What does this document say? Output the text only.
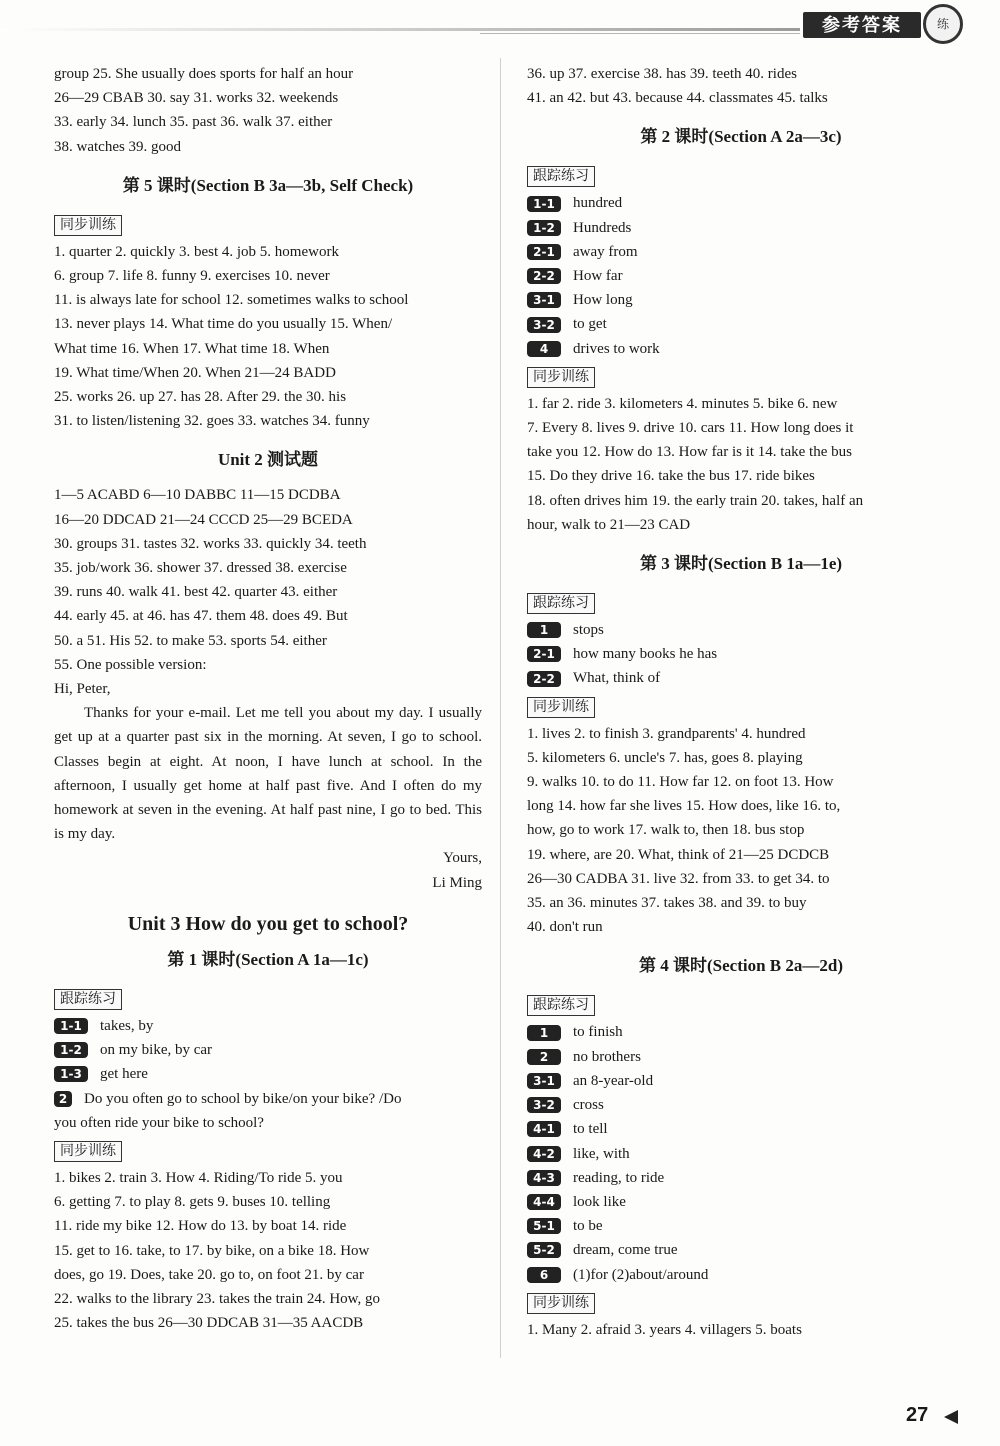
参考答案	练
group 25. She usually does sports for half an hour
26—29 CBAB 30. say 31. works 32. weekends
33. early 34. lunch 35. past 36. walk 37. either
38. watches 39. good
第 5 课时(Section B 3a—3b, Self Check)
同步训练
1. quarter 2. quickly 3. best 4. job 5. homework
6. group 7. life 8. funny 9. exercises 10. never
11. is always late for school 12. sometimes walks to school
13. never plays 14. What time do you usually 15. When/
What time 16. When 17. What time 18. When
19. What time/When 20. When 21—24 BADD
25. works 26. up 27. has 28. After 29. the 30. his
31. to listen/listening 32. goes 33. watches 34. funny
Unit 2 测试题
1—5 ACABD 6—10 DABBC 11—15 DCDBA
16—20 DDCAD 21—24 CCCD 25—29 BCEDA
30. groups 31. tastes 32. works 33. quickly 34. teeth
35. job/work 36. shower 37. dressed 38. exercise
39. runs 40. walk 41. best 42. quarter 43. either
44. early 45. at 46. has 47. them 48. does 49. But
50. a 51. His 52. to make 53. sports 54. either
55. One possible version:
Hi, Peter,
Thanks for your e-mail. Let me tell you about my day. I usually get up at a quarter past six in the morning. At seven, I go to school. Classes begin at eight. At noon, I have lunch at school. In the afternoon, I usually get home at half past five. And I often do my homework at seven in the evening. At half past nine, I go to bed. This is my day.
Yours,
Li Ming
Unit 3 How do you get to school?
第 1 课时(Section A 1a—1c)
跟踪练习
1-1	takes, by
1-2	on my bike, by car
1-3	get here
2	Do you often go to school by bike/on your bike? /Do
you often ride your bike to school?
同步训练
1. bikes 2. train 3. How 4. Riding/To ride 5. you
6. getting 7. to play 8. gets 9. buses 10. telling
11. ride my bike 12. How do 13. by boat 14. ride
15. get to 16. take, to 17. by bike, on a bike 18. How
does, go 19. Does, take 20. go to, on foot 21. by car
22. walks to the library 23. takes the train 24. How, go
25. takes the bus 26—30 DDCAB 31—35 AACDB
36. up 37. exercise 38. has 39. teeth 40. rides
41. an 42. but 43. because 44. classmates 45. talks
第 2 课时(Section A 2a—3c)
跟踪练习
1-1	hundred
1-2	Hundreds
2-1	away from
2-2	How far
3-1	How long
3-2	to get
4	drives to work
同步训练
1. far 2. ride 3. kilometers 4. minutes 5. bike 6. new
7. Every 8. lives 9. drive 10. cars 11. How long does it
take you 12. How do 13. How far is it 14. take the bus
15. Do they drive 16. take the bus 17. ride bikes
18. often drives him 19. the early train 20. takes, half an
hour, walk to 21—23 CAD
第 3 课时(Section B 1a—1e)
跟踪练习
1	stops
2-1	how many books he has
2-2	What, think of
同步训练
1. lives 2. to finish 3. grandparents' 4. hundred
5. kilometers 6. uncle's 7. has, goes 8. playing
9. walks 10. to do 11. How far 12. on foot 13. How
long 14. how far she lives 15. How does, like 16. to,
how, go to work 17. walk to, then 18. bus stop
19. where, are 20. What, think of 21—25 DCDCB
26—30 CADBA 31. live 32. from 33. to get 34. to
35. an 36. minutes 37. takes 38. and 39. to buy
40. don't run
第 4 课时(Section B 2a—2d)
跟踪练习
1	to finish
2	no brothers
3-1	an 8-year-old
3-2	cross
4-1	to tell
4-2	like, with
4-3	reading, to ride
4-4	look like
5-1	to be
5-2	dream, come true
6	(1)for (2)about/around
同步训练
1. Many 2. afraid 3. years 4. villagers 5. boats
27
